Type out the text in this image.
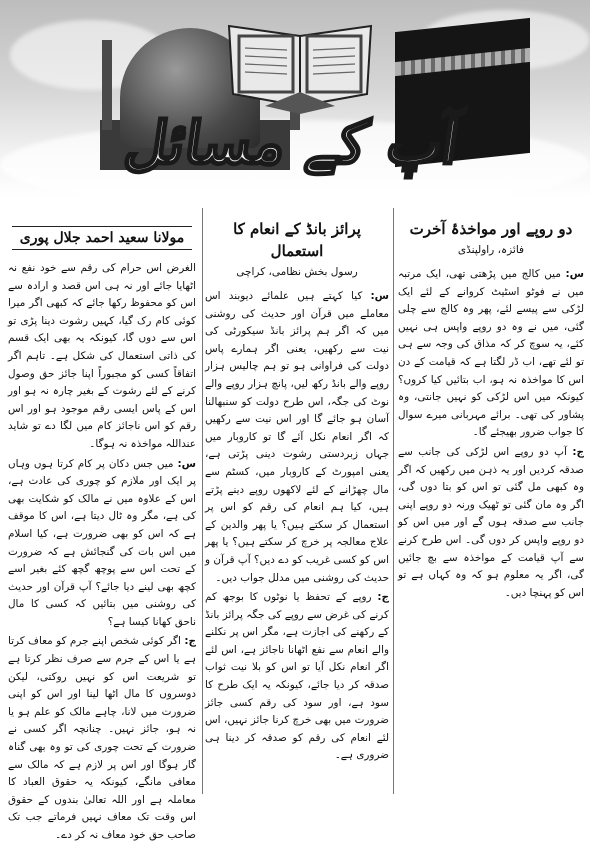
آپ کے مسائل
دو روپے اور مواخذۂ آخرت
فائزہ، راولپنڈی

س: میں کالج میں پڑھتی تھی، ایک مرتبہ میں نے فوٹو اسٹیٹ کروانے کے لئے ایک لڑکی سے پیسے لئے، پھر وہ کالج سے چلی گئی، میں نے وہ دو روپے واپس ہی نہیں کئے، یہ سوچ کر کہ مذاق کی وجہ سے ہی تو لئے تھے، اب ڈر لگتا ہے کہ قیامت کے دن اس کا مواخذہ نہ ہو، اب بتائیں کیا کروں؟ کیونکہ میں اس لڑکی کو نہیں جانتی، وہ پشاور کی تھی۔ برائے مہربانی میرے سوال کا جواب ضرور بھیجئے گا۔

ج: آپ دو روپے اس لڑکی کی جانب سے صدقہ کردیں اور یہ ذہن میں رکھیں کہ اگر وہ کبھی مل گئی تو اس کو بتا دوں گی، اگر وہ مان گئی تو ٹھیک ورنہ دو روپے اپنی جانب سے صدقہ ہوں گے اور میں اس کو دو روپے واپس کر دوں گی۔ اس طرح کرنے سے آپ قیامت کے مواخذہ سے بچ جائیں گی، اگر یہ معلوم ہو کہ وہ کہاں ہے تو اس کو پہنچا دیں۔

پرائز بانڈ کے انعام کا استعمال
رسول بخش نظامی، کراچی

س: کیا کہتے ہیں علمائے دیوبند اس معاملے میں قرآن اور حدیث کی روشنی میں کہ اگر ہم پرائز بانڈ سیکورٹی کی نیت سے رکھیں، یعنی اگر ہمارے پاس دولت کی فراوانی ہو تو ہم چالیس ہزار روپے والے بانڈ رکھ لیں، پانچ ہزار روپے والے نوٹ کی جگہ، اس طرح دولت کو سنبھالنا آسان ہو جائے گا اور اس نیت سے رکھیں کہ اگر انعام نکل آئے گا تو کاروبار میں جہاں زبردستی رشوت دینی پڑتی ہے، یعنی امپورٹ کے کاروبار میں، کسٹم سے مال چھڑانے کے لئے لاکھوں روپے دینے پڑتے ہیں، کیا ہم انعام کی رقم کو اس پر استعمال کر سکتے ہیں؟ یا پھر والدین کے علاج معالجہ پر خرچ کر سکتے ہیں؟ یا پھر اس کو کسی غریب کو دے دیں؟ آپ قرآن و حدیث کی روشنی میں مدلل جواب دیں۔

ج: روپے کے تحفظ یا نوٹوں کا بوجھ کم کرنے کی غرض سے روپے کی جگہ پرائز بانڈ کے رکھنے کی اجازت ہے، مگر اس پر نکلنے والے انعام سے نفع اٹھانا ناجائز ہے، اس لئے اگر انعام نکل آیا تو اس کو بلا نیت ثواب صدقہ کر دیا جائے، کیونکہ یہ ایک طرح کا سود ہے، اور سود کی رقم کسی جائز ضرورت میں بھی خرچ کرنا جائز نہیں، اس لئے انعام کی رقم کو صدقہ کر دینا ہی ضروری ہے۔

مولانا سعید احمد جلال پوری

الغرض اس حرام کی رقم سے خود نفع نہ اٹھایا جائے اور نہ ہی اس قصد و ارادہ سے اس کو محفوظ رکھا جائے کہ کبھی اگر میرا کوئی کام رک گیا، کہیں رشوت دینا پڑی تو اس سے دوں گا، کیونکہ یہ بھی ایک قسم کی ذاتی استعمال کی شکل ہے۔ تاہم اگر اتفاقاً کسی کو مجبوراً اپنا جائز حق وصول کرنے کے لئے رشوت کے بغیر چارہ نہ ہو اور اس کے پاس ایسی رقم موجود ہو اور اس رقم کو اس ناجائز کام میں لگا دے تو شاید عنداللہ مواخذہ نہ ہوگا۔

س: میں جس دکان پر کام کرتا ہوں وہاں پر ایک اور ملازم کو چوری کی عادت ہے، اس کے علاوہ میں نے مالک کو شکایت بھی کی ہے، مگر وہ ٹال دیتا ہے، اس کا موقف ہے کہ اس کو بھی ضرورت ہے، کیا اسلام میں اس بات کی گنجائش ہے کہ ضرورت کے تحت اس سے پوچھ گچھ کئے بغیر اسے کچھ بھی لینے دیا جائے؟ آپ قرآن اور حدیث کی روشنی میں بتائیں کہ کسی کا مال ناحق کھانا کیسا ہے؟

ج: اگر کوئی شخص اپنے جرم کو معاف کرتا ہے یا اس کے جرم سے صرف نظر کرتا ہے تو شریعت اس کو نہیں روکتی، لیکن دوسروں کا مال اٹھا لینا اور اس کو اپنی ضرورت میں لانا، چاہے مالک کو علم ہو یا نہ ہو، جائز نہیں۔ چنانچہ اگر کسی نے ضرورت کے تحت چوری کی تو وہ بھی گناہ گار ہوگا اور اس پر لازم ہے کہ مالک سے معافی مانگے، کیونکہ یہ حقوق العباد کا معاملہ ہے اور اللہ تعالیٰ بندوں کے حقوق اس وقت تک معاف نہیں فرماتے جب تک صاحب حق خود معاف نہ کر دے۔
